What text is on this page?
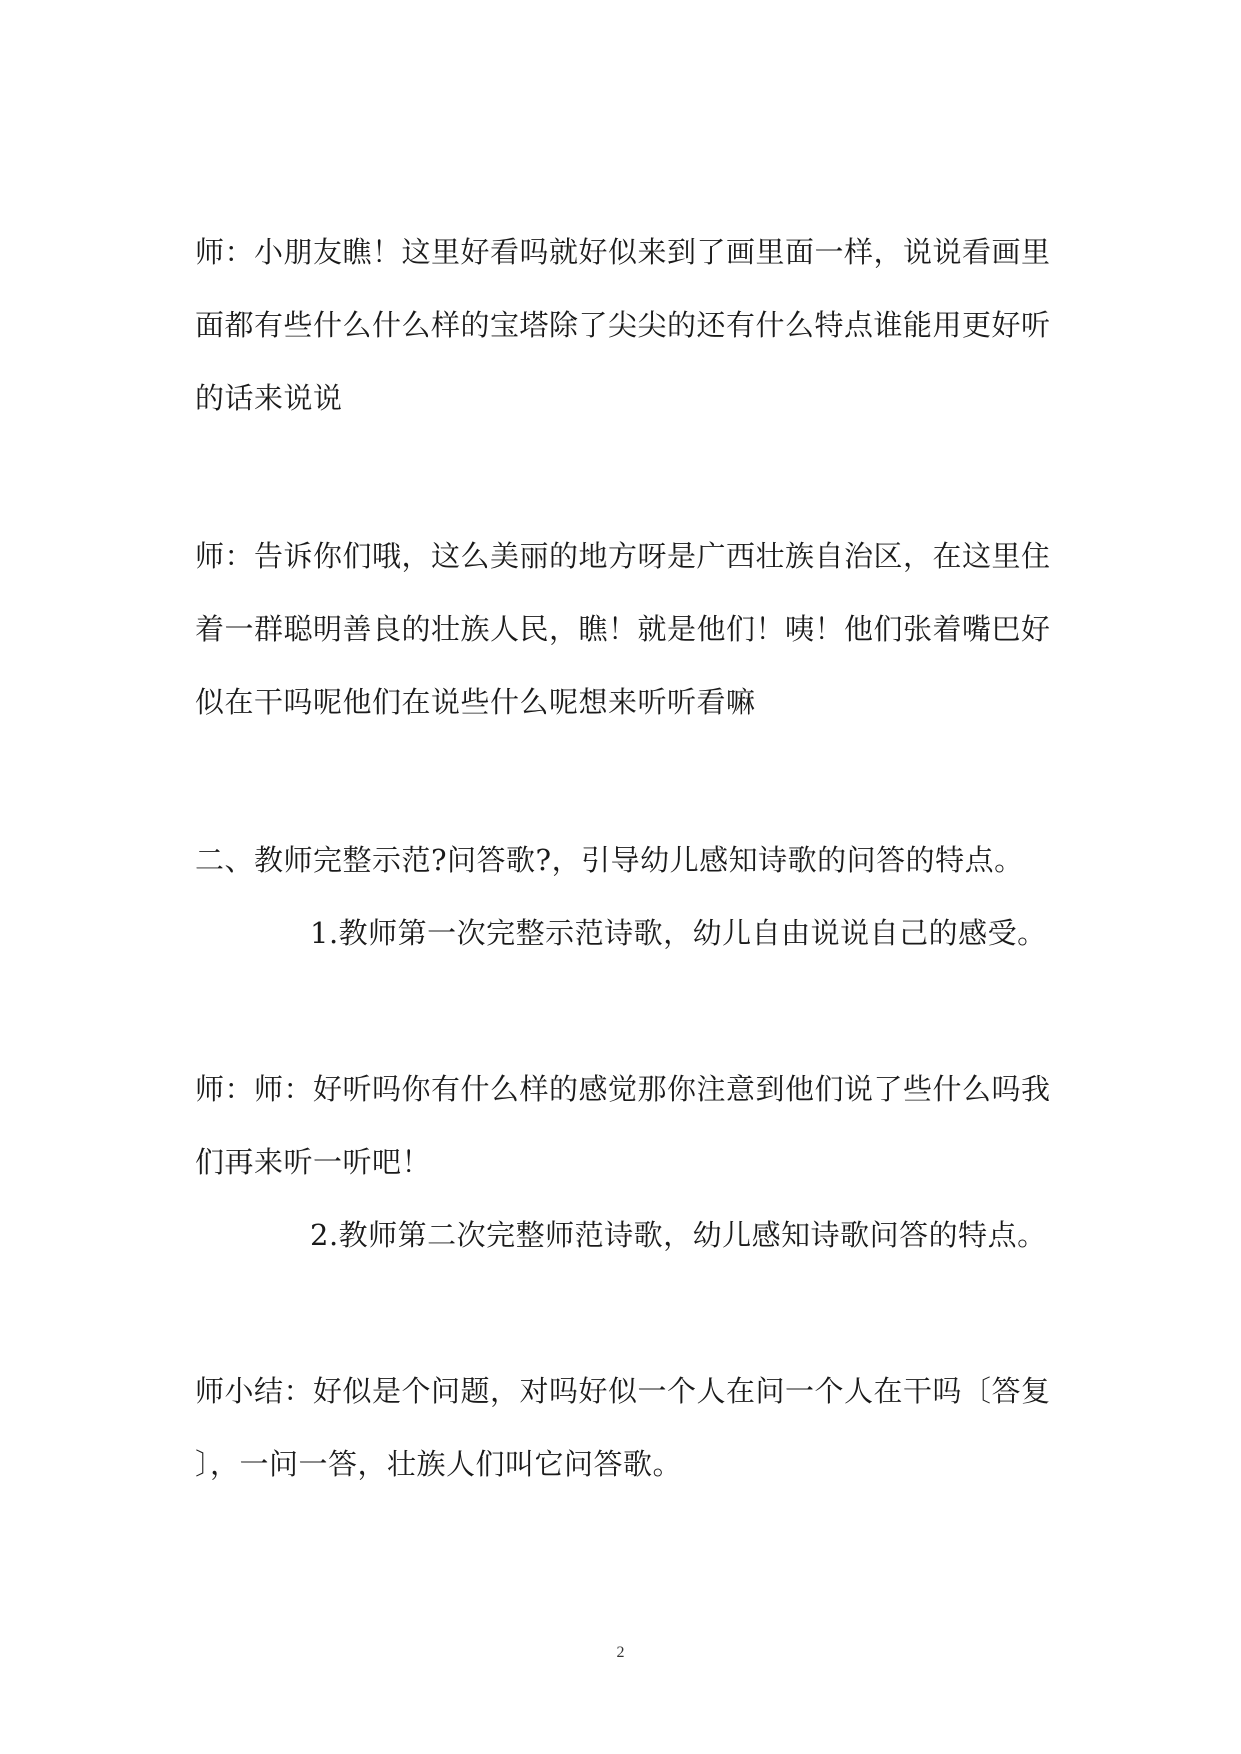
师：小朋友瞧！这里好看吗就好似来到了画里面一样，说说看画里
面都有些什么什么样的宝塔除了尖尖的还有什么特点谁能用更好听
的话来说说
师：告诉你们哦，这么美丽的地方呀是广西壮族自治区，在这里住
着一群聪明善良的壮族人民，瞧！就是他们！咦！他们张着嘴巴好
似在干吗呢他们在说些什么呢想来听听看嘛
二、教师完整示范?问答歌?，引导幼儿感知诗歌的问答的特点。
1.教师第一次完整示范诗歌，幼儿自由说说自己的感受。
师：师：好听吗你有什么样的感觉那你注意到他们说了些什么吗我
们再来听一听吧！
2.教师第二次完整师范诗歌，幼儿感知诗歌问答的特点。
师小结：好似是个问题，对吗好似一个人在问一个人在干吗〔答复
〕，一问一答，壮族人们叫它问答歌。
2
